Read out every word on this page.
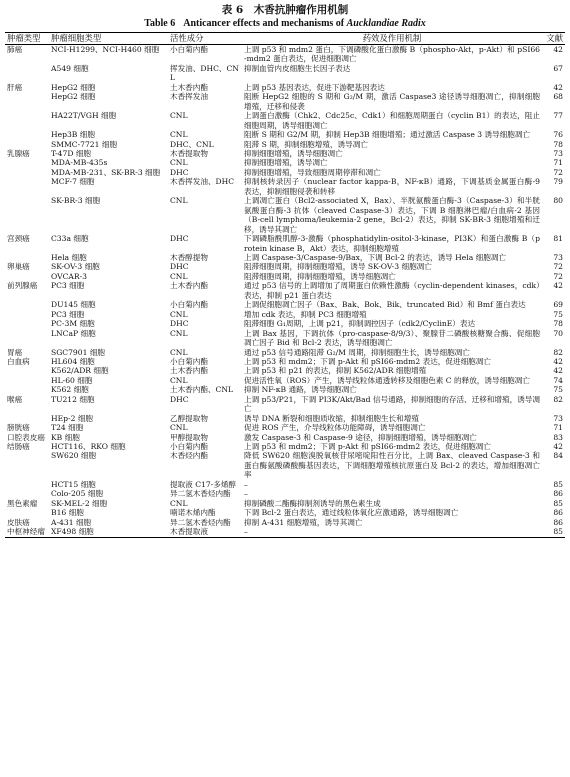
表 6　木香抗肿瘤作用机制
Table 6 Anticancer effects and mechanisms of Aucklandiae Radix
肿瘤类型	肿瘤细胞类型	活性成分	药效及作用机制	文献
肺癌	NCI-H1299、NCI-H460 细胞	小白菊内酯	上调 p53 和 mdm2 蛋白，下调磷酸化蛋白激酶 B（phospho-Akt，p-Akt）和 pSI66-mdm2 蛋白表达，促进细胞凋亡	42
	A549 细胞	挥发油、DHC、CNL	抑制血管内皮细胞生长因子表达	67
肝癌	HepG2 细胞	土木香内酯	上调 p53 基因表达，促进下游靶基因表达	42
	HepG2 细胞	木香挥发油	阻断 HepG2 细胞的 S 期和 G₂/M 期，激活 Caspase3 途径诱导细胞凋亡，抑制细胞增殖，迁移和侵袭	68
	HA22T/VGH 细胞	CNL	上调蛋白激酶（Chk2、Cdc25c、Cdk1）和细胞周期蛋白（cyclin B1）的表达，阻止细胞周期，诱导细胞凋亡	77
	Hep3B 细胞	CNL	阻断 S 期和 G2/M 期，抑制 Hep3B 细胞增殖；通过激活 Caspase 3 诱导细胞凋亡	76
	SMMC-7721 细胞	DHC、CNL	阻滞 S 期，抑制细胞增殖，诱导凋亡	78
乳腺癌	T-47D 细胞	木香提取物	抑制细胞增殖，诱导细胞凋亡	73
	MDA-MB-435s	CNL	抑制细胞增殖，诱导凋亡	71
	MDA-MB-231、SK-BR-3 细胞	DHC	抑制细胞增殖，导致细胞周期停滞和凋亡	72
	MCF-7 细胞	木香挥发油、DHC	抑制核转录因子（nuclear factor kappa-B，NF-κB）通路，下调基质金属蛋白酶-9 表达，抑制细胞侵袭和转移	79
	SK-BR-3 细胞	CNL	上调凋亡蛋白（Bcl2-associated X，Bax）、半胱氨酸蛋白酶-3（Caspase-3）和半胱氨酸蛋白酶-3 抗体（cleaved Caspase-3）表达，下调 B 细胞淋巴瘤/白血病-2 基因（B-cell lymphoma/leukemia-2 gene，Bcl-2）表达，抑制 SK-BR-3 细胞增殖和迁移，诱导其凋亡	80
宫颈癌	C33a 细胞	DHC	下调磷脂酰肌醇-3-激酶（phosphatidylin-ositol-3-kinase，PI3K）和蛋白激酶 B（protein kinase B，Akt）表达，抑制细胞增殖	81
	Hela 细胞	木香醇提物	上调 Caspase-3/Caspase-9/Bax，下调 Bcl-2 的表达，诱导 Hela 细胞凋亡	73
卵巢癌	SK-OV-3 细胞	DHC	阻滞细胞周期，抑制细胞增殖，诱导 SK-OV-3 细胞凋亡	72
	OVCAR-3	CNL	阻滞细胞周期，抑制细胞增殖，诱导细胞凋亡	72
前列腺癌	PC3 细胞	土木香内酯	通过 p53 信号的上调增加了周期蛋白依赖性激酶（cyclin-dependent kinases，cdk）表达，抑制 p21 蛋白表达	42
	DU145 细胞	小白菊内酯	上调促细胞凋亡因子（Bax、Bak、Bok、Bik、truncated Bid）和 Bmf 蛋白表达	69
	PC3 细胞	CNL	增加 cdk 表达，抑制 PC3 细胞增殖	75
	PC-3M 细胞	DHC	阻滞细胞 G₁周期，上调 p21，抑制调控因子（cdk2/CyclinE）表达	78
	LNCaP 细胞	CNL	上调 Bax 基因，下调抗体（pro-caspase-8/9/3）、聚腺苷二磷酸核糖聚合酶、促细胞凋亡因子 Bid 和 Bcl-2 表达，诱导细胞凋亡	70
胃癌	SGC7901 细胞	CNL	通过 p53 信号通路阻滞 G₂/M 周期，抑制细胞生长，诱导细胞凋亡	82
白血病	HL604 细胞	小白菊内酯	上调 p53 和 mdm2；下调 p-Akt 和 pSI66-mdm2 表达，促进细胞凋亡	42
	K562/ADR 细胞	土木香内酯	上调 p53 和 p21 的表达，抑制 K562/ADR 细胞增殖	42
	HL-60 细胞	CNL	促进活性氧（ROS）产生，诱导线粒体通透转移及细胞色素 C 的释放，诱导细胞凋亡	74
	K562 细胞	土木香内酯、CNL	抑制 NF-κB 通路，诱导细胞凋亡	75
喉癌	TU212 细胞	DHC	上调 p53/P21，下调 PI3K/Akt/Bad 信号通路，抑制细胞的存活、迁移和增殖，诱导凋亡	82
	HEp-2 细胞	乙醇提取物	诱导 DNA 断裂和细胞质收缩，抑制细胞生长和增殖	73
膀胱癌	T24 细胞	CNL	促进 ROS 产生，介导线粒体功能障碍，诱导细胞凋亡	71
口腔表皮癌	KB 细胞	甲醇提取物	激发 Caspase-3 和 Caspase-9 途径，抑制细胞增殖，诱导细胞凋亡	83
结肠癌	HCT116、RKO 细胞	小白菊内酯	上调 p53 和 mdm2；下调 p-Akt 和 pSI66-mdm2 表达，促进细胞凋亡	42
	SW620 细胞	木香烃内酯	降低 SW620 细胞溴脱氧核苷尿嘧啶阳性百分比，上调 Bax、cleaved Caspase-3 和蛋白酶氨酸磷酸酶基因表达，下调细胞增殖核抗原蛋白及 Bcl-2 的表达，增加细胞凋亡率	84
	HCT15 细胞	提取液 C17-多烯醇	–	85
	Colo-205 细胞	异二氢木香烃内酯	–	86
黑色素瘤	SK-MEL-2 细胞	CNL	抑制磷酸二酯酶抑制剂诱导的黑色素生成	85
	B16 细胞	喃诺木烯内酯	下调 Bcl-2 蛋白表达，通过线粒体氧化应激通路，诱导细胞凋亡	86
皮肤癌	A-431 细胞	异二氢木香烃内酯	抑制 A-431 细胞增殖，诱导其凋亡	86
中枢神经瘤	XF498 细胞	木香提取液	–	85
